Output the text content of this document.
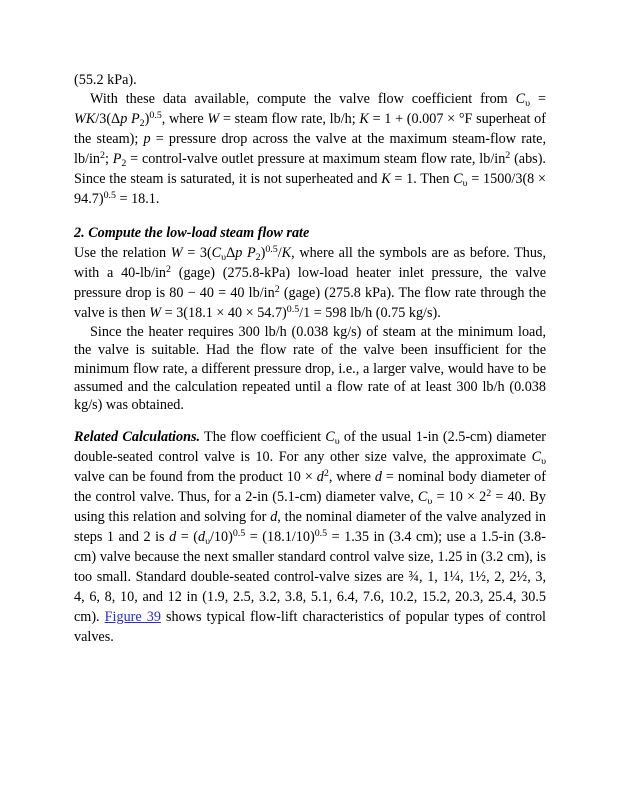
(55.2 kPa).

With these data available, compute the valve flow coefficient from $C_\upsilon = WK/3(\Delta p$ $P_2)^{0.5}$, where W = steam flow rate, lb/h; K = 1 + (0.007 × °F superheat of the steam); p = pressure drop across the valve at the maximum steam-flow rate, $lb/in^2$; $P_2$ = control-valve outlet pressure at maximum steam flow rate, $lb/in^2$ (abs). Since the steam is saturated, it is not superheated and K = 1. Then $C_\upsilon = 1500/3(8 \times 94.7)^{0.5} = 18.1$.

2. Compute the low-load steam flow rate

Use the relation $W = 3(C_\upsilon\Delta p$ $P_2)^{0.5}/K$, where all the symbols are as before. Thus, with a $40-lb/in^2$ (gage) (275.8-kPa) low-load heater inlet pressure, the valve pressure drop is 80 − 40 = 40 $lb/in^2$ (gage) (275.8 kPa). The flow rate through the valve is then $W = 3(18.1 \times 40 \times 54.7)^{0.5}/1 = 598$ lb/h (0.75 kg/s).

Since the heater requires 300 lb/h (0.038 kg/s) of steam at the minimum load, the valve is suitable. Had the flow rate of the valve been insufficient for the minimum flow rate, a different pressure drop, i.e., a larger valve, would have to be assumed and the calculation repeated until a flow rate of at least 300 lb/h (0.038 kg/s) was obtained.

Related Calculations. The flow coefficient $C_\upsilon$ of the usual 1-in (2.5-cm) diameter double-seated control valve is 10. For any other size valve, the approximate $C_\upsilon$ valve can be found from the product $10 \times d^2$, where d = nominal body diameter of the control valve. Thus, for a 2-in (5.1-cm) diameter valve, $C_\upsilon = 10 \times 2^2 = 40$. By using this relation and solving for d, the nominal diameter of the valve analyzed in steps 1 and 2 is $d = (d_\upsilon/10)^{0.5} = (18.1/10)^{0.5} = 1.35$ in (3.4 cm); use a 1.5-in (3.8-cm) valve because the next smaller standard control valve size, 1.25 in (3.2 cm), is too small. Standard double-seated control-valve sizes are ¾, 1, 1¼, 1½, 2, 2½, 3, 4, 6, 8, 10, and 12 in (1.9, 2.5, 3.2, 3.8, 5.1, 6.4, 7.6, 10.2, 15.2, 20.3, 25.4, 30.5 cm). Figure 39 shows typical flow-lift characteristics of popular types of control valves.
